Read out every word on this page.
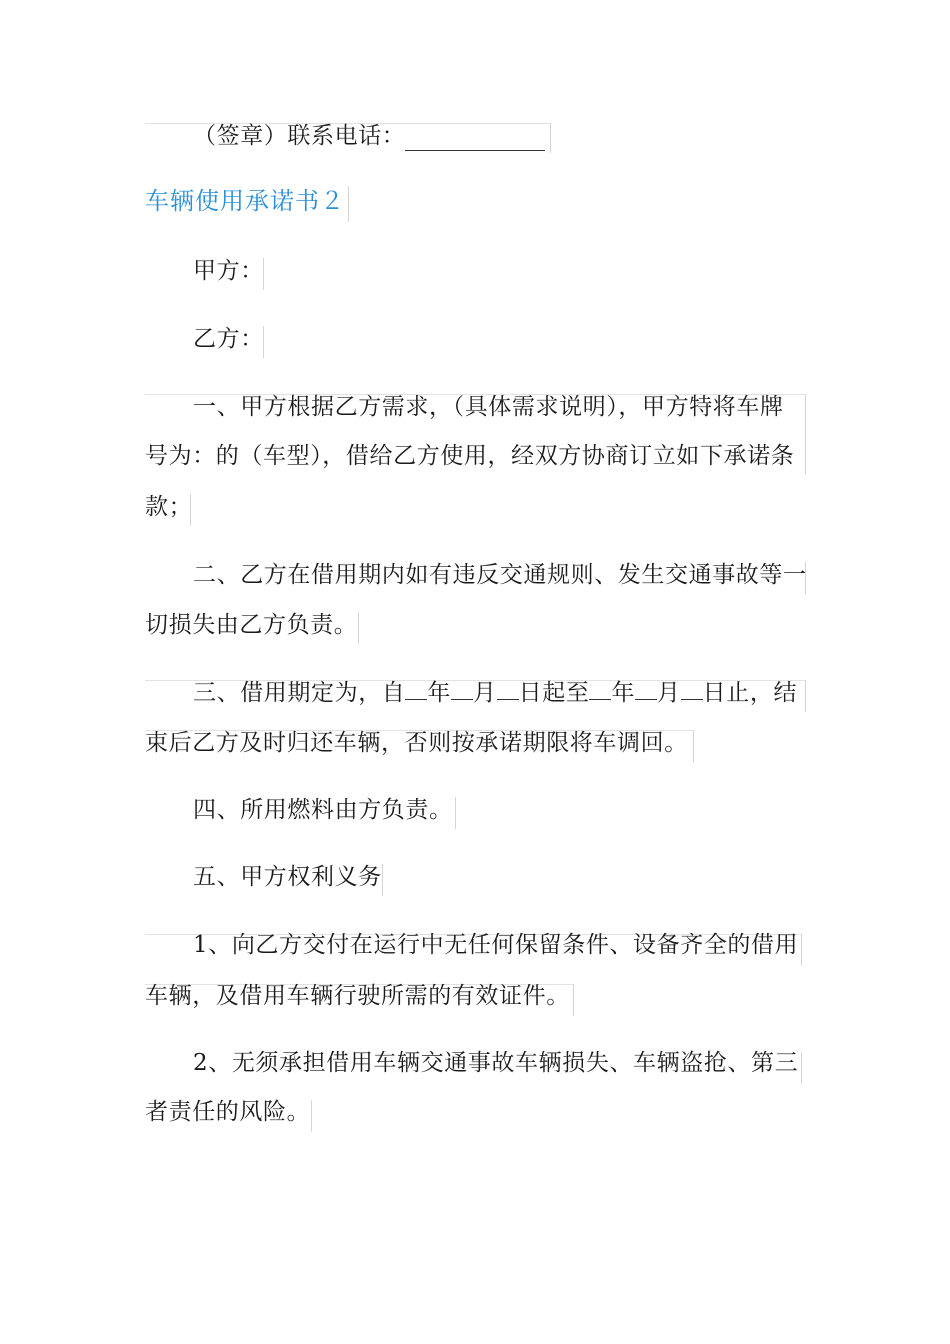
（签章）联系电话：
车辆使用承诺书２
甲方：
乙方：
一、甲方根据乙方需求，（具体需求说明），甲方特将车牌
号为：的（车型），借给乙方使用，经双方协商订立如下承诺条
款；
二、乙方在借用期内如有违反交通规则、发生交通事故等一
切损失由乙方负责。
三、借用期定为，自 年 月 日起至 年 月 日止，结
束后乙方及时归还车辆，否则按承诺期限将车调回。
四、所用燃料由方负责。
五、甲方权利义务
1、向乙方交付在运行中无任何保留条件、设备齐全的借用
车辆，及借用车辆行驶所需的有效证件。
2、无须承担借用车辆交通事故车辆损失、车辆盗抢、第三
者责任的风险。
